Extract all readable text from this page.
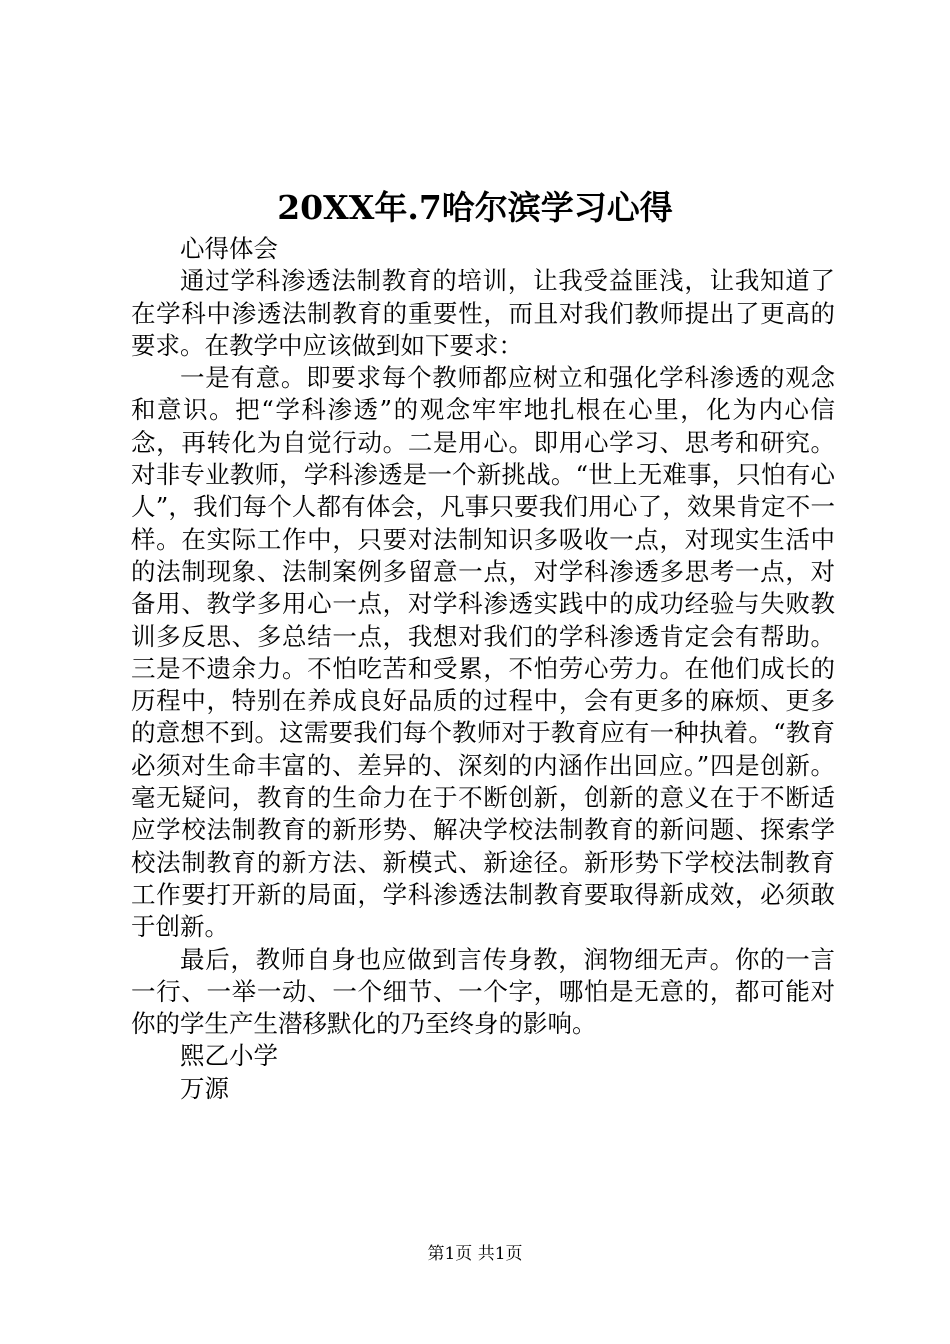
20XX年.7哈尔滨学习心得

心得体会

通过学科渗透法制教育的培训，让我受益匪浅，让我知道了在学科中渗透法制教育的重要性，而且对我们教师提出了更高的要求。在教学中应该做到如下要求：

一是有意。即要求每个教师都应树立和强化学科渗透的观念和意识。把“学科渗透”的观念牢牢地扎根在心里，化为内心信念，再转化为自觉行动。二是用心。即用心学习、思考和研究。对非专业教师，学科渗透是一个新挑战。“世上无难事，只怕有心人”，我们每个人都有体会，凡事只要我们用心了，效果肯定不一样。在实际工作中，只要对法制知识多吸收一点，对现实生活中的法制现象、法制案例多留意一点，对学科渗透多思考一点，对备用、教学多用心一点，对学科渗透实践中的成功经验与失败教训多反思、多总结一点，我想对我们的学科渗透肯定会有帮助。三是不遗余力。不怕吃苦和受累，不怕劳心劳力。在他们成长的历程中，特别在养成良好品质的过程中，会有更多的麻烦、更多的意想不到。这需要我们每个教师对于教育应有一种执着。“教育必须对生命丰富的、差异的、深刻的内涵作出回应。”四是创新。毫无疑问，教育的生命力在于不断创新，创新的意义在于不断适应学校法制教育的新形势、解决学校法制教育的新问题、探索学校法制教育的新方法、新模式、新途径。新形势下学校法制教育工作要打开新的局面，学科渗透法制教育要取得新成效，必须敢于创新。

最后，教师自身也应做到言传身教，润物细无声。你的一言一行、一举一动、一个细节、一个字，哪怕是无意的，都可能对你的学生产生潜移默化的乃至终身的影响。

熙乙小学

万源

第1页 共1页
